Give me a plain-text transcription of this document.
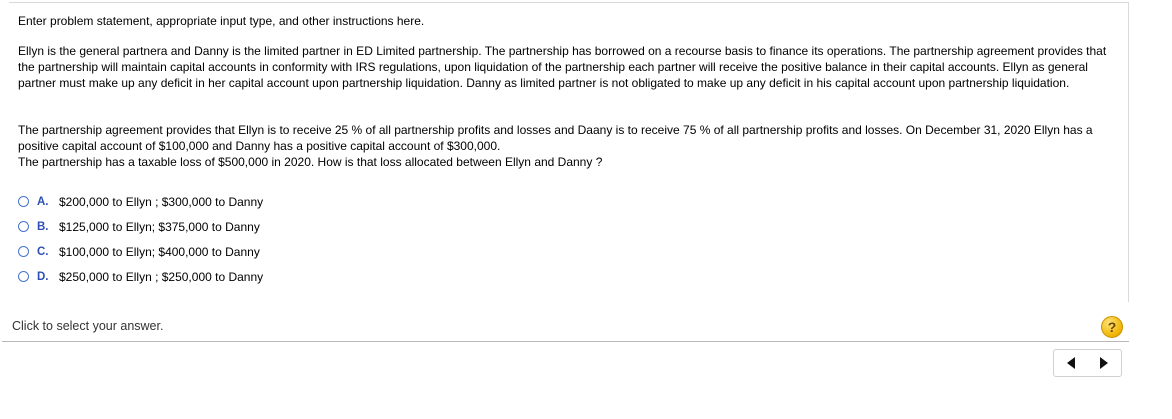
Enter problem statement, appropriate input type, and other instructions here.

Ellyn is the general partnera and Danny is the limited partner in ED Limited partnership. The partnership has borrowed on a recourse basis to finance its operations. The partnership agreement provides that the partnership will maintain capital accounts in conformity with IRS regulations, upon liquidation of the partnership each partner will receive the positive balance in their capital accounts. Ellyn as general partner must make up any deficit in her capital account upon partnership liquidation. Danny as limited partner is not obligated to make up any deficit in his capital account upon partnership liquidation.

The partnership agreement provides that Ellyn is to receive 25 % of all partnership profits and losses and Daany is to receive 75 % of all partnership profits and losses. On December 31, 2020 Ellyn has a positive capital account of $100,000 and Danny has a positive capital account of $300,000.
The partnership has a taxable loss of $500,000 in 2020. How is that loss allocated between Ellyn and Danny ?

A. $200,000 to Ellyn ; $300,000 to Danny
B. $125,000 to Ellyn; $375,000 to Danny
C. $100,000 to Ellyn; $400,000 to Danny
D. $250,000 to Ellyn ; $250,000 to Danny
Click to select your answer.	?
